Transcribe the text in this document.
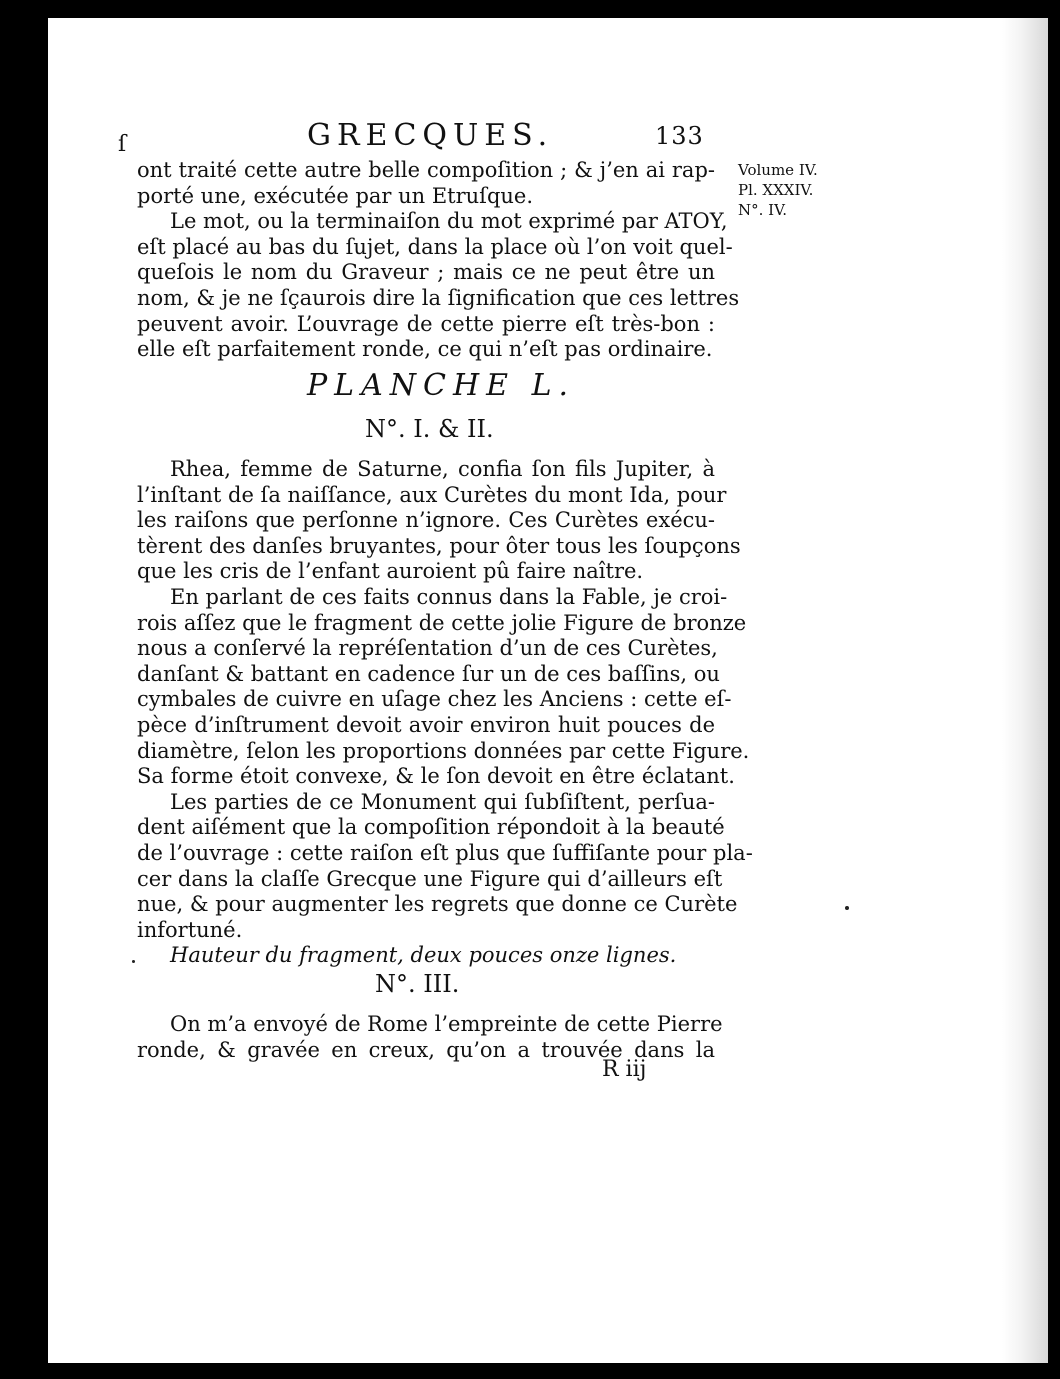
ſ	GRECQUES.	133
Volume IV.
Pl. XXXIV.
N°. IV.
ont traité cette autre belle compoſition ; & j’en ai rap-
porté une, exécutée par un Etruſque.
Le mot, ou la terminaiſon du mot exprimé par ATOY,
eſt placé au bas du ſujet, dans la place où l’on voit quel-
queſois le nom du Graveur ; mais ce ne peut être un
nom, & je ne ſçaurois dire la ſignification que ces lettres
peuvent avoir. L’ouvrage de cette pierre eſt très-bon :
elle eſt parfaitement ronde, ce qui n’eſt pas ordinaire.
PLANCHE L.
N°. I. & II.
Rhea, femme de Saturne, confia ſon fils Jupiter, à
l’inſtant de ſa naiſſance, aux Curètes du mont Ida, pour
les raiſons que perſonne n’ignore. Ces Curètes exécu-
tèrent des danſes bruyantes, pour ôter tous les ſoupçons
que les cris de l’enfant auroient pû faire naître.
En parlant de ces faits connus dans la Fable, je croi-
rois aſſez que le fragment de cette jolie Figure de bronze
nous a conſervé la repréſentation d’un de ces Curètes,
danſant & battant en cadence ſur un de ces baſſins, ou
cymbales de cuivre en uſage chez les Anciens : cette eſ-
pèce d’inſtrument devoit avoir environ huit pouces de
diamètre, ſelon les proportions données par cette Figure.
Sa forme étoit convexe, & le ſon devoit en être éclatant.
Les parties de ce Monument qui ſubſiſtent, perſua-
dent aiſément que la compoſition répondoit à la beauté
de l’ouvrage : cette raiſon eſt plus que ſuffiſante pour pla-
cer dans la claſſe Grecque une Figure qui d’ailleurs eſt
nue, & pour augmenter les regrets que donne ce Curète
infortuné.
Hauteur du fragment, deux pouces onze lignes.
N°. III.
On m’a envoyé de Rome l’empreinte de cette Pierre
ronde, & gravée en creux, qu’on a trouvée dans la
R iij
